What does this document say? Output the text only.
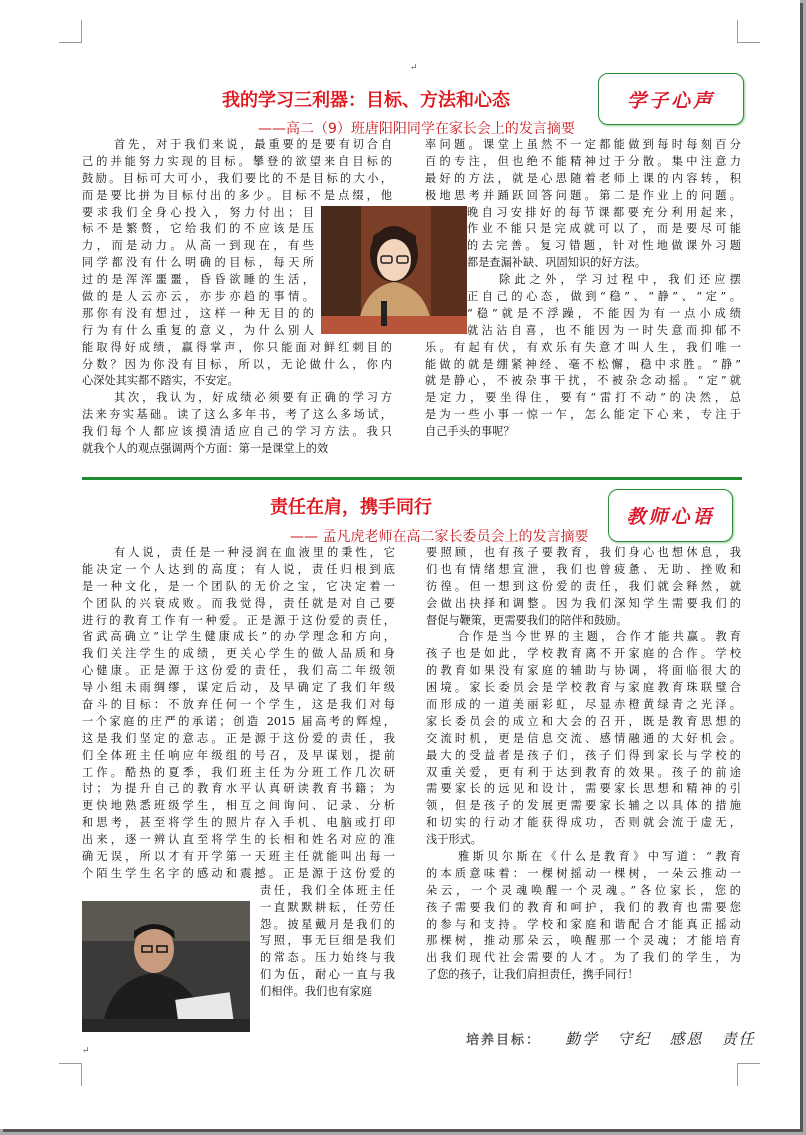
↵
我的学习三利器：目标、方法和心态
——高二（9）班唐阳阳同学在家长会上的发言摘要
学子心声
首先，对于我们来说，最重要的是要有切合自
己的并能努力实现的目标。攀登的欲望来自目标的
鼓励。目标可大可小，我们要比的不是目标的大小，
而是要比拼为目标付出的多少。目标不是点缀，他
要求我们全身心投入，努力付出；目
标不是繁赘，它给我们的不应该是压
力，而是动力。从高一到现在，有些
同学都没有什么明确的目标，每天所
过的是浑浑噩噩，昏昏欲睡的生活，
做的是人云亦云，亦步亦趋的事情。
那你有没有想过，这样一种无目的的
行为有什么重复的意义，为什么别人
能取得好成绩，赢得掌声，你只能面对鲜红刺目的
分数？因为你没有目标，所以，无论做什么，你内
心深处其实都不踏实，不安定。
其次，我认为，好成绩必须要有正确的学习方
法来夯实基础。读了这么多年书，考了这么多场试，
我们每个人都应该摸清适应自己的学习方法。我只
就我个人的观点强调两个方面：第一是课堂上的效
率问题。课堂上虽然不一定都能做到每时每刻百分
百的专注，但也绝不能精神过于分散。集中注意力
最好的方法，就是心思随着老师上课的内容转，积
极地思考并踊跃回答问题。第二是作业上的问题。
晚自习安排好的每节课都要充分利用起来，
作业不能只是完成就可以了，而是要尽可能
的去完善。复习错题，针对性地做课外习题
都是查漏补缺、巩固知识的好方法。
除此之外，学习过程中，我们还应摆
正自己的心态，做到“稳”、“静”、“定”。
“稳”就是不浮躁，不能因为有一点小成绩
就沾沾自喜，也不能因为一时失意而抑郁不
乐。有起有伏，有欢乐有失意才叫人生，我们唯一
能做的就是绷紧神经、毫不松懈，稳中求胜。“静”
就是静心，不被杂事干扰，不被杂念动摇。“定”就
是定力，要坐得住，要有“雷打不动”的决然，总
是为一些小事一惊一乍，怎么能定下心来，专注于
自己手头的事呢？
责任在肩，携手同行
—— 孟凡虎老师在高二家长委员会上的发言摘要
教师心语
有人说，责任是一种浸润在血液里的秉性，它
能决定一个人达到的高度；有人说，责任归根到底
是一种文化，是一个团队的无价之宝，它决定着一
个团队的兴衰成败。而我觉得，责任就是对自己要
进行的教育工作有一种爱。正是源于这份爱的责任，
省武高确立“让学生健康成长”的办学理念和方向，
我们关注学生的成绩，更关心学生的做人品质和身
心健康。正是源于这份爱的责任，我们高二年级领
导小组未雨绸缪，谋定后动，及早确定了我们年级
奋斗的目标：不放弃任何一个学生，这是我们对每
一个家庭的庄严的承诺；创造 2015 届高考的辉煌，
这是我们坚定的意志。正是源于这份爱的责任，我
们全体班主任响应年级组的号召，及早谋划，提前
工作。酷热的夏季，我们班主任为分班工作几次研
讨；为提升自己的教育水平认真研读教育书籍；为
更快地熟悉班级学生，相互之间询问、记录、分析
和思考，甚至将学生的照片存入手机、电脑或打印
出来，逐一辨认直至将学生的长相和姓名对应的准
确无误，所以才有开学第一天班主任就能叫出每一
个陌生学生名字的感动和震撼。正是源于这份爱的
责任，我们全体班主任
一直默默耕耘，任劳任
怨。披星戴月是我们的
写照，事无巨细是我们
的常态。压力始终与我
们为伍，耐心一直与我
们相伴。我们也有家庭
要照顾，也有孩子要教育，我们身心也想休息，我
们也有情绪想宣泄，我们也曾疲惫、无助、挫败和
彷徨。但一想到这份爱的责任，我们就会释然，就
会做出抉择和调整。因为我们深知学生需要我们的
督促与鞭策，更需要我们的陪伴和鼓励。
合作是当今世界的主题，合作才能共赢。教育
孩子也是如此，学校教育离不开家庭的合作。学校
的教育如果没有家庭的辅助与协调，将面临很大的
困境。家长委员会是学校教育与家庭教育珠联璧合
而形成的一道美丽彩虹，尽显赤橙黄绿青之光泽。
家长委员会的成立和大会的召开，既是教育思想的
交流时机，更是信息交流、感情融通的大好机会。
最大的受益者是孩子们，孩子们得到家长与学校的
双重关爱，更有利于达到教育的效果。孩子的前途
需要家长的远见和设计，需要家长思想和精神的引
领，但是孩子的发展更需要家长辅之以具体的措施
和切实的行动才能获得成功，否则就会流于虚无，
浅于形式。
雅斯贝尔斯在《什么是教育》中写道：“教育
的本质意味着：一棵树摇动一棵树，一朵云推动一
朵云，一个灵魂唤醒一个灵魂。”各位家长，您的
孩子需要我们的教育和呵护，我们的教育也需要您
的参与和支持。学校和家庭和谐配合才能真正摇动
那棵树，推动那朵云，唤醒那一个灵魂；才能培育
出我们现代社会需要的人才。为了我们的学生，为
了您的孩子，让我们肩担责任，携手同行！
↵
培养目标： 勤学 守纪 感恩 责任
